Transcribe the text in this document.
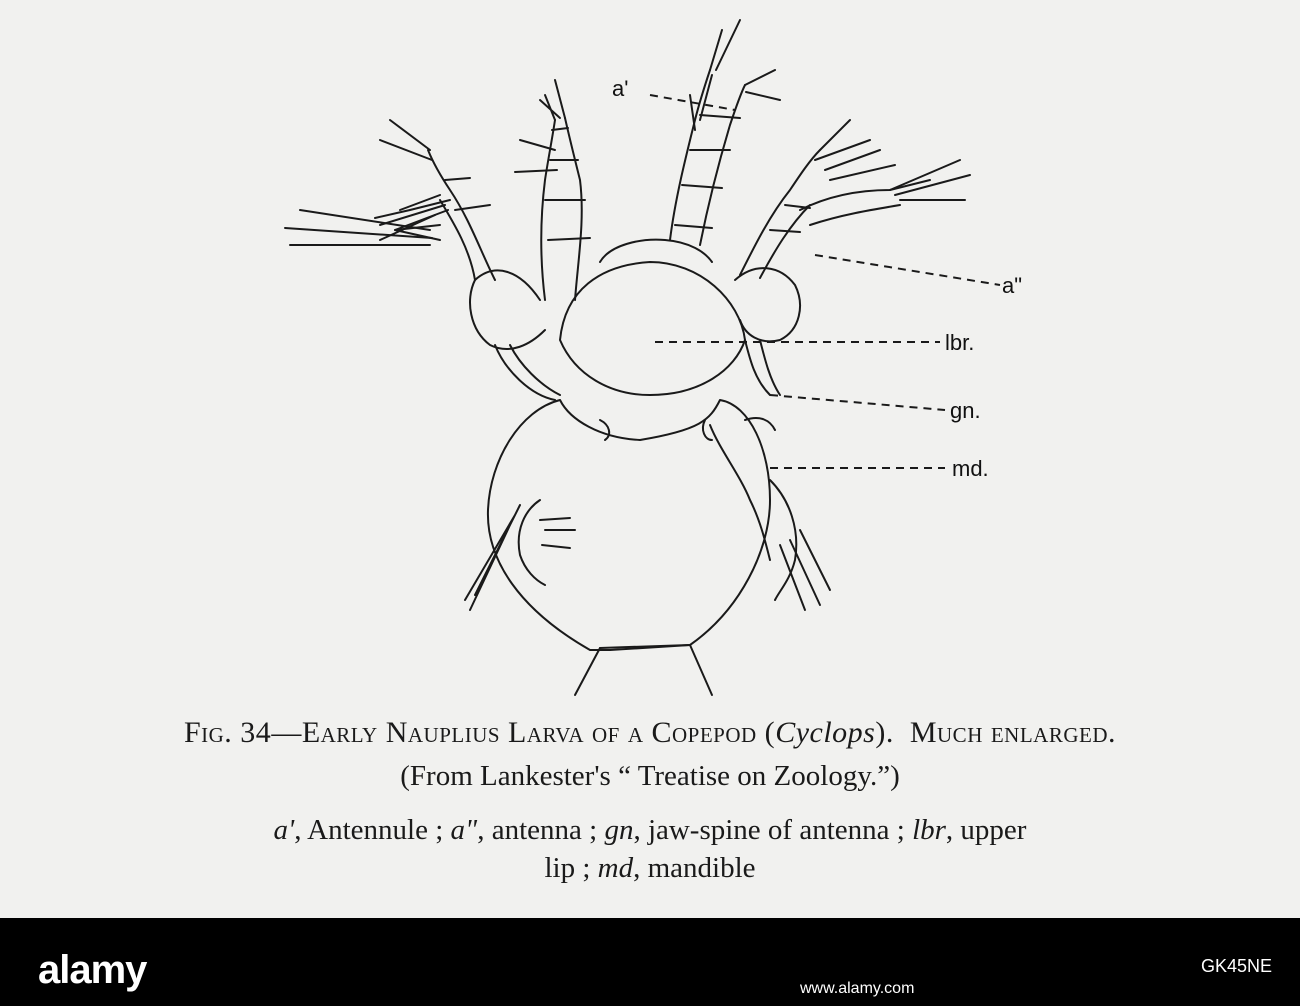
a'
a"
lbr.
gn.
md.
Fig. 34—Early Nauplius Larva of a Copepod (Cyclops). Much enlarged.
(From Lankester's “ Treatise on Zoology.”)
a', Antennule ; a", antenna ; gn, jaw-spine of antenna ; lbr, upper
lip ; md, mandible
alamy	GK45NE
www.alamy.com
